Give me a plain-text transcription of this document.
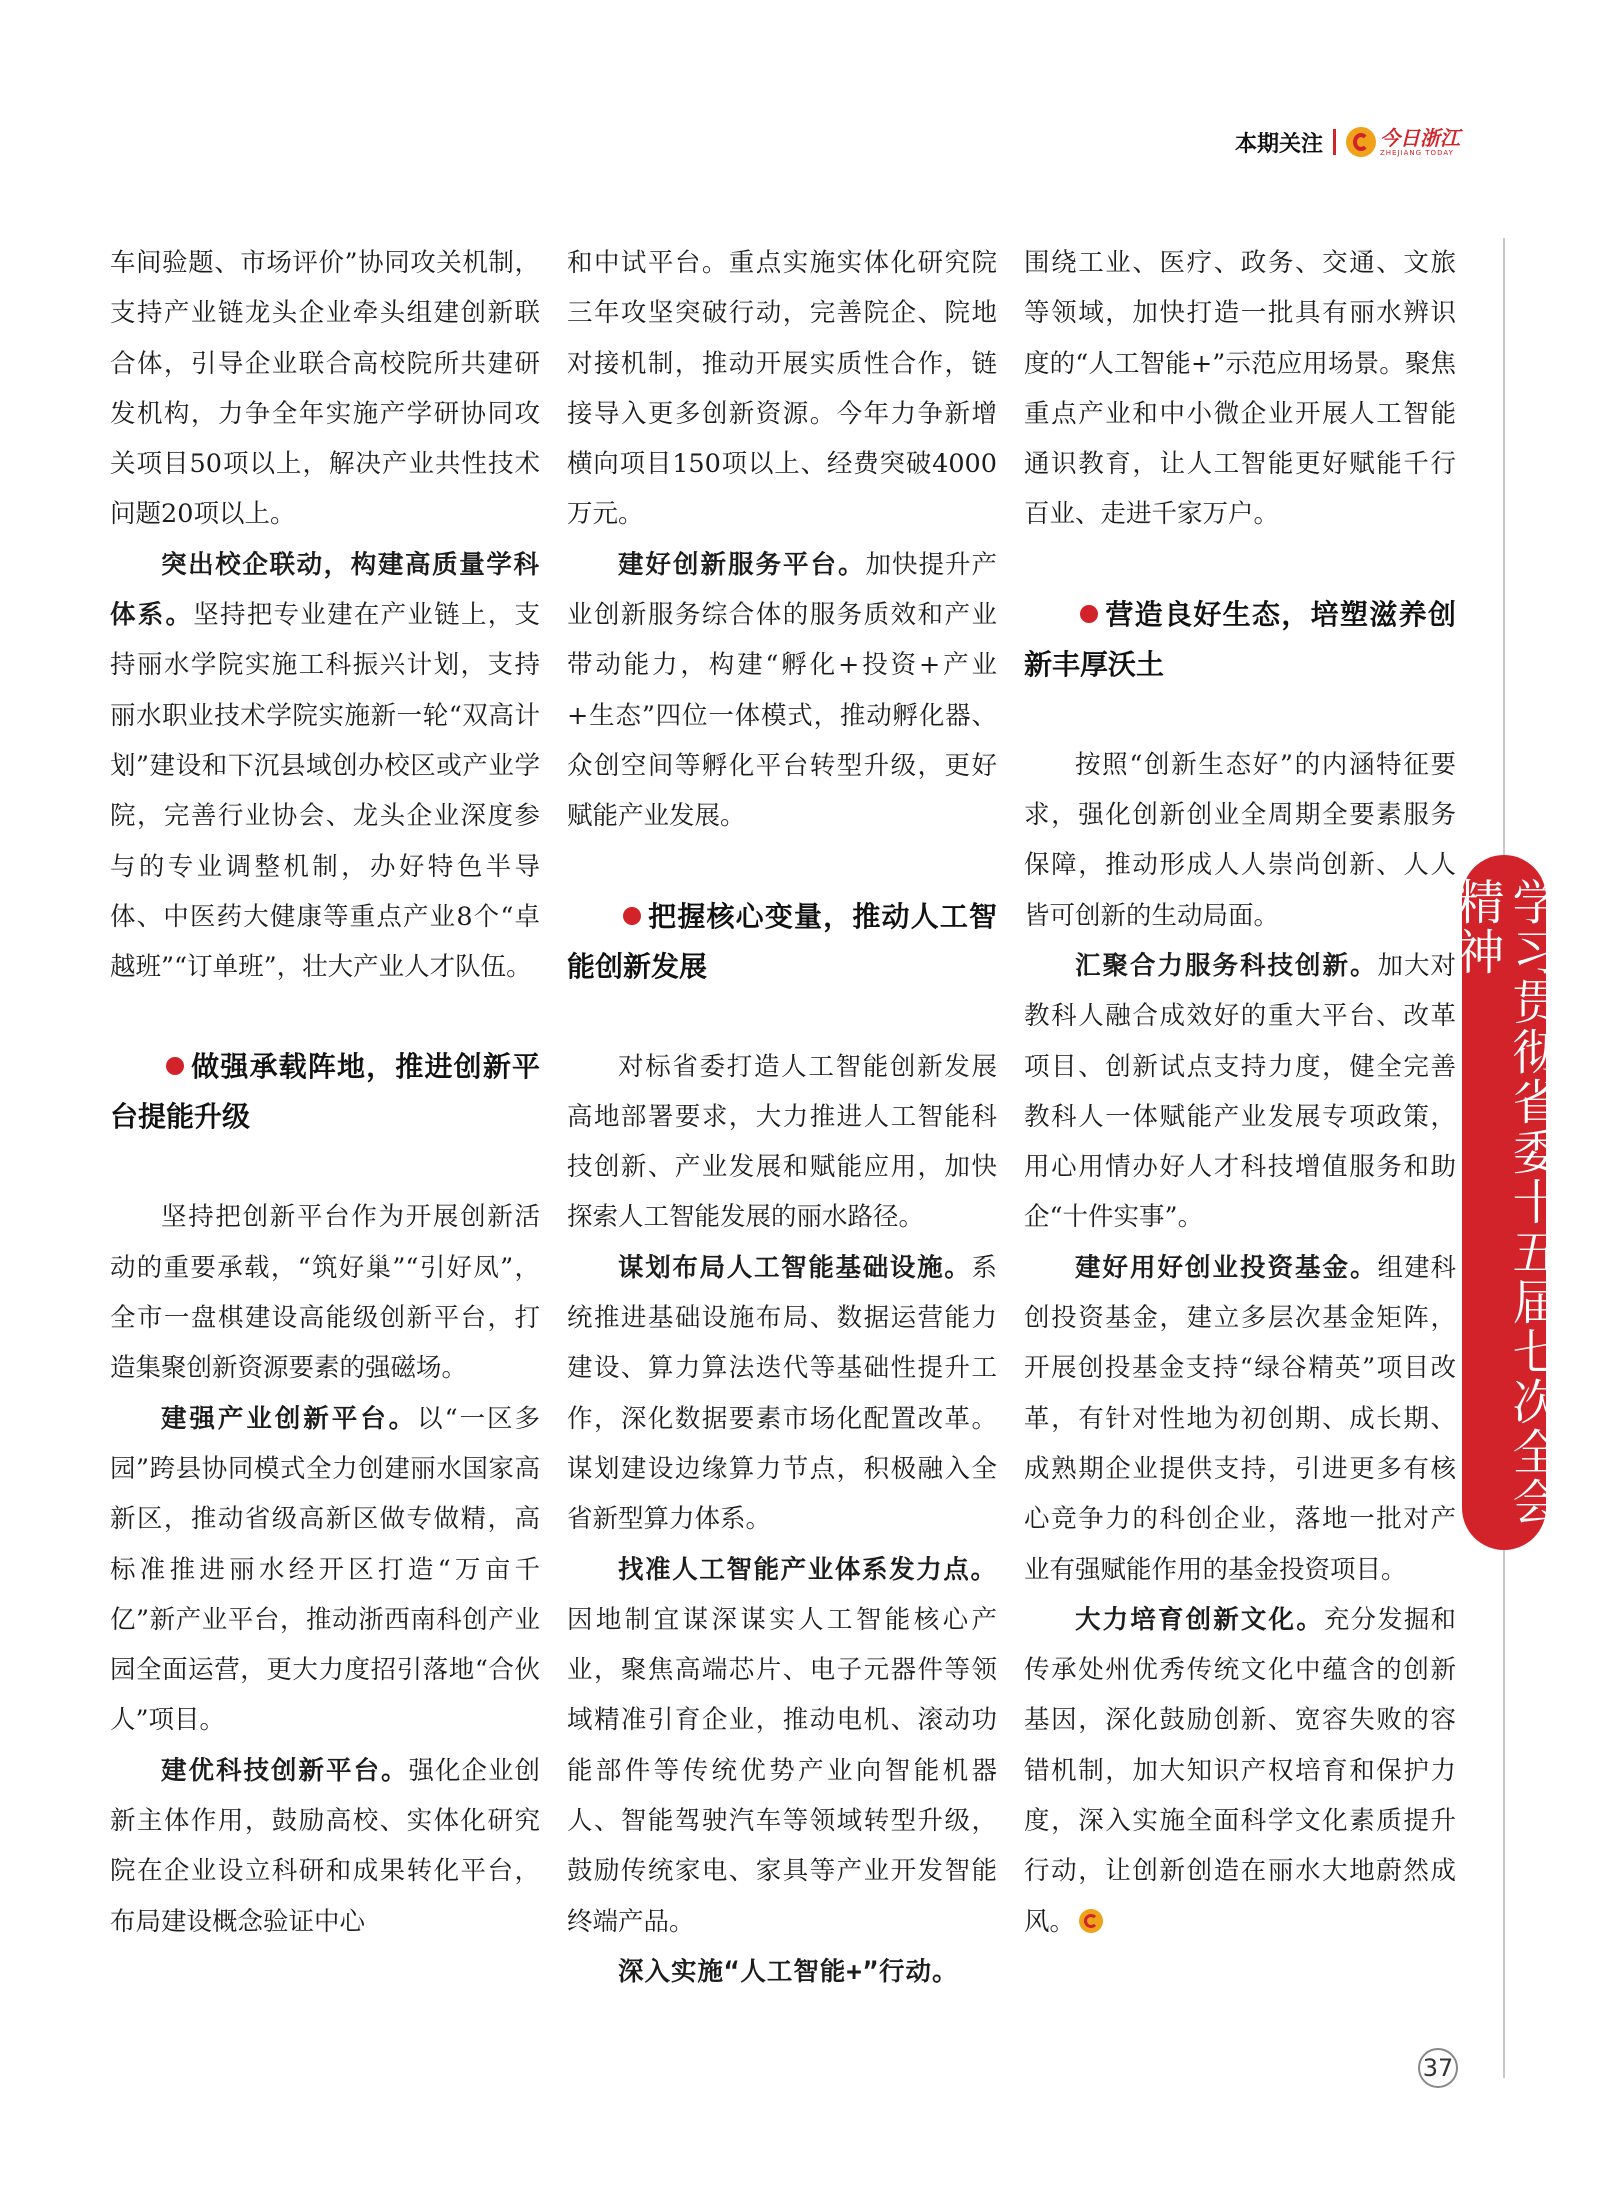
本期关注	今日浙江
ZHEJIANG TODAY

车间验题、市场评价”协同攻关机制，支持产业链龙头企业牵头组建创新联合体，引导企业联合高校院所共建研发机构，力争全年实施产学研协同攻关项目50项以上，解决产业共性技术问题20项以上。

突出校企联动，构建高质量学科体系。坚持把专业建在产业链上，支持丽水学院实施工科振兴计划，支持丽水职业技术学院实施新一轮“双高计划”建设和下沉县域创办校区或产业学院，完善行业协会、龙头企业深度参与的专业调整机制，办好特色半导体、中医药大健康等重点产业8个“卓越班”“订单班”，壮大产业人才队伍。

做强承载阵地，推进创新平台提能升级

坚持把创新平台作为开展创新活动的重要承载，“筑好巢”“引好凤”，全市一盘棋建设高能级创新平台，打造集聚创新资源要素的强磁场。

建强产业创新平台。以“一区多园”跨县协同模式全力创建丽水国家高新区，推动省级高新区做专做精，高标准推进丽水经开区打造“万亩千亿”新产业平台，推动浙西南科创产业园全面运营，更大力度招引落地“合伙人”项目。

建优科技创新平台。强化企业创新主体作用，鼓励高校、实体化研究院在企业设立科研和成果转化平台，布局建设概念验证中心

和中试平台。重点实施实体化研究院三年攻坚突破行动，完善院企、院地对接机制，推动开展实质性合作，链接导入更多创新资源。今年力争新增横向项目150项以上、经费突破4000万元。

建好创新服务平台。加快提升产业创新服务综合体的服务质效和产业带动能力，构建“孵化+投资+产业+生态”四位一体模式，推动孵化器、众创空间等孵化平台转型升级，更好赋能产业发展。

把握核心变量，推动人工智能创新发展

对标省委打造人工智能创新发展高地部署要求，大力推进人工智能科技创新、产业发展和赋能应用，加快探索人工智能发展的丽水路径。

谋划布局人工智能基础设施。系统推进基础设施布局、数据运营能力建设、算力算法迭代等基础性提升工作，深化数据要素市场化配置改革。谋划建设边缘算力节点，积极融入全省新型算力体系。

找准人工智能产业体系发力点。因地制宜谋深谋实人工智能核心产业，聚焦高端芯片、电子元器件等领域精准引育企业，推动电机、滚动功能部件等传统优势产业向智能机器人、智能驾驶汽车等领域转型升级，鼓励传统家电、家具等产业开发智能终端产品。

深入实施“人工智能+”行动。

围绕工业、医疗、政务、交通、文旅等领域，加快打造一批具有丽水辨识度的“人工智能+”示范应用场景。聚焦重点产业和中小微企业开展人工智能通识教育，让人工智能更好赋能千行百业、走进千家万户。

营造良好生态，培塑滋养创新丰厚沃土

按照“创新生态好”的内涵特征要求，强化创新创业全周期全要素服务保障，推动形成人人崇尚创新、人人皆可创新的生动局面。

汇聚合力服务科技创新。加大对教科人融合成效好的重大平台、改革项目、创新试点支持力度，健全完善教科人一体赋能产业发展专项政策，用心用情办好人才科技增值服务和助企“十件实事”。

建好用好创业投资基金。组建科创投资基金，建立多层次基金矩阵，开展创投基金支持“绿谷精英”项目改革，有针对性地为初创期、成长期、成熟期企业提供支持，引进更多有核心竞争力的科创企业，落地一批对产业有强赋能作用的基金投资项目。

大力培育创新文化。充分发掘和传承处州优秀传统文化中蕴含的创新基因，深化鼓励创新、宽容失败的容错机制，加大知识产权培育和保护力度，深入实施全面科学文化素质提升行动，让创新创造在丽水大地蔚然成风。

学习贯彻省委十五届七次全会精神
37
